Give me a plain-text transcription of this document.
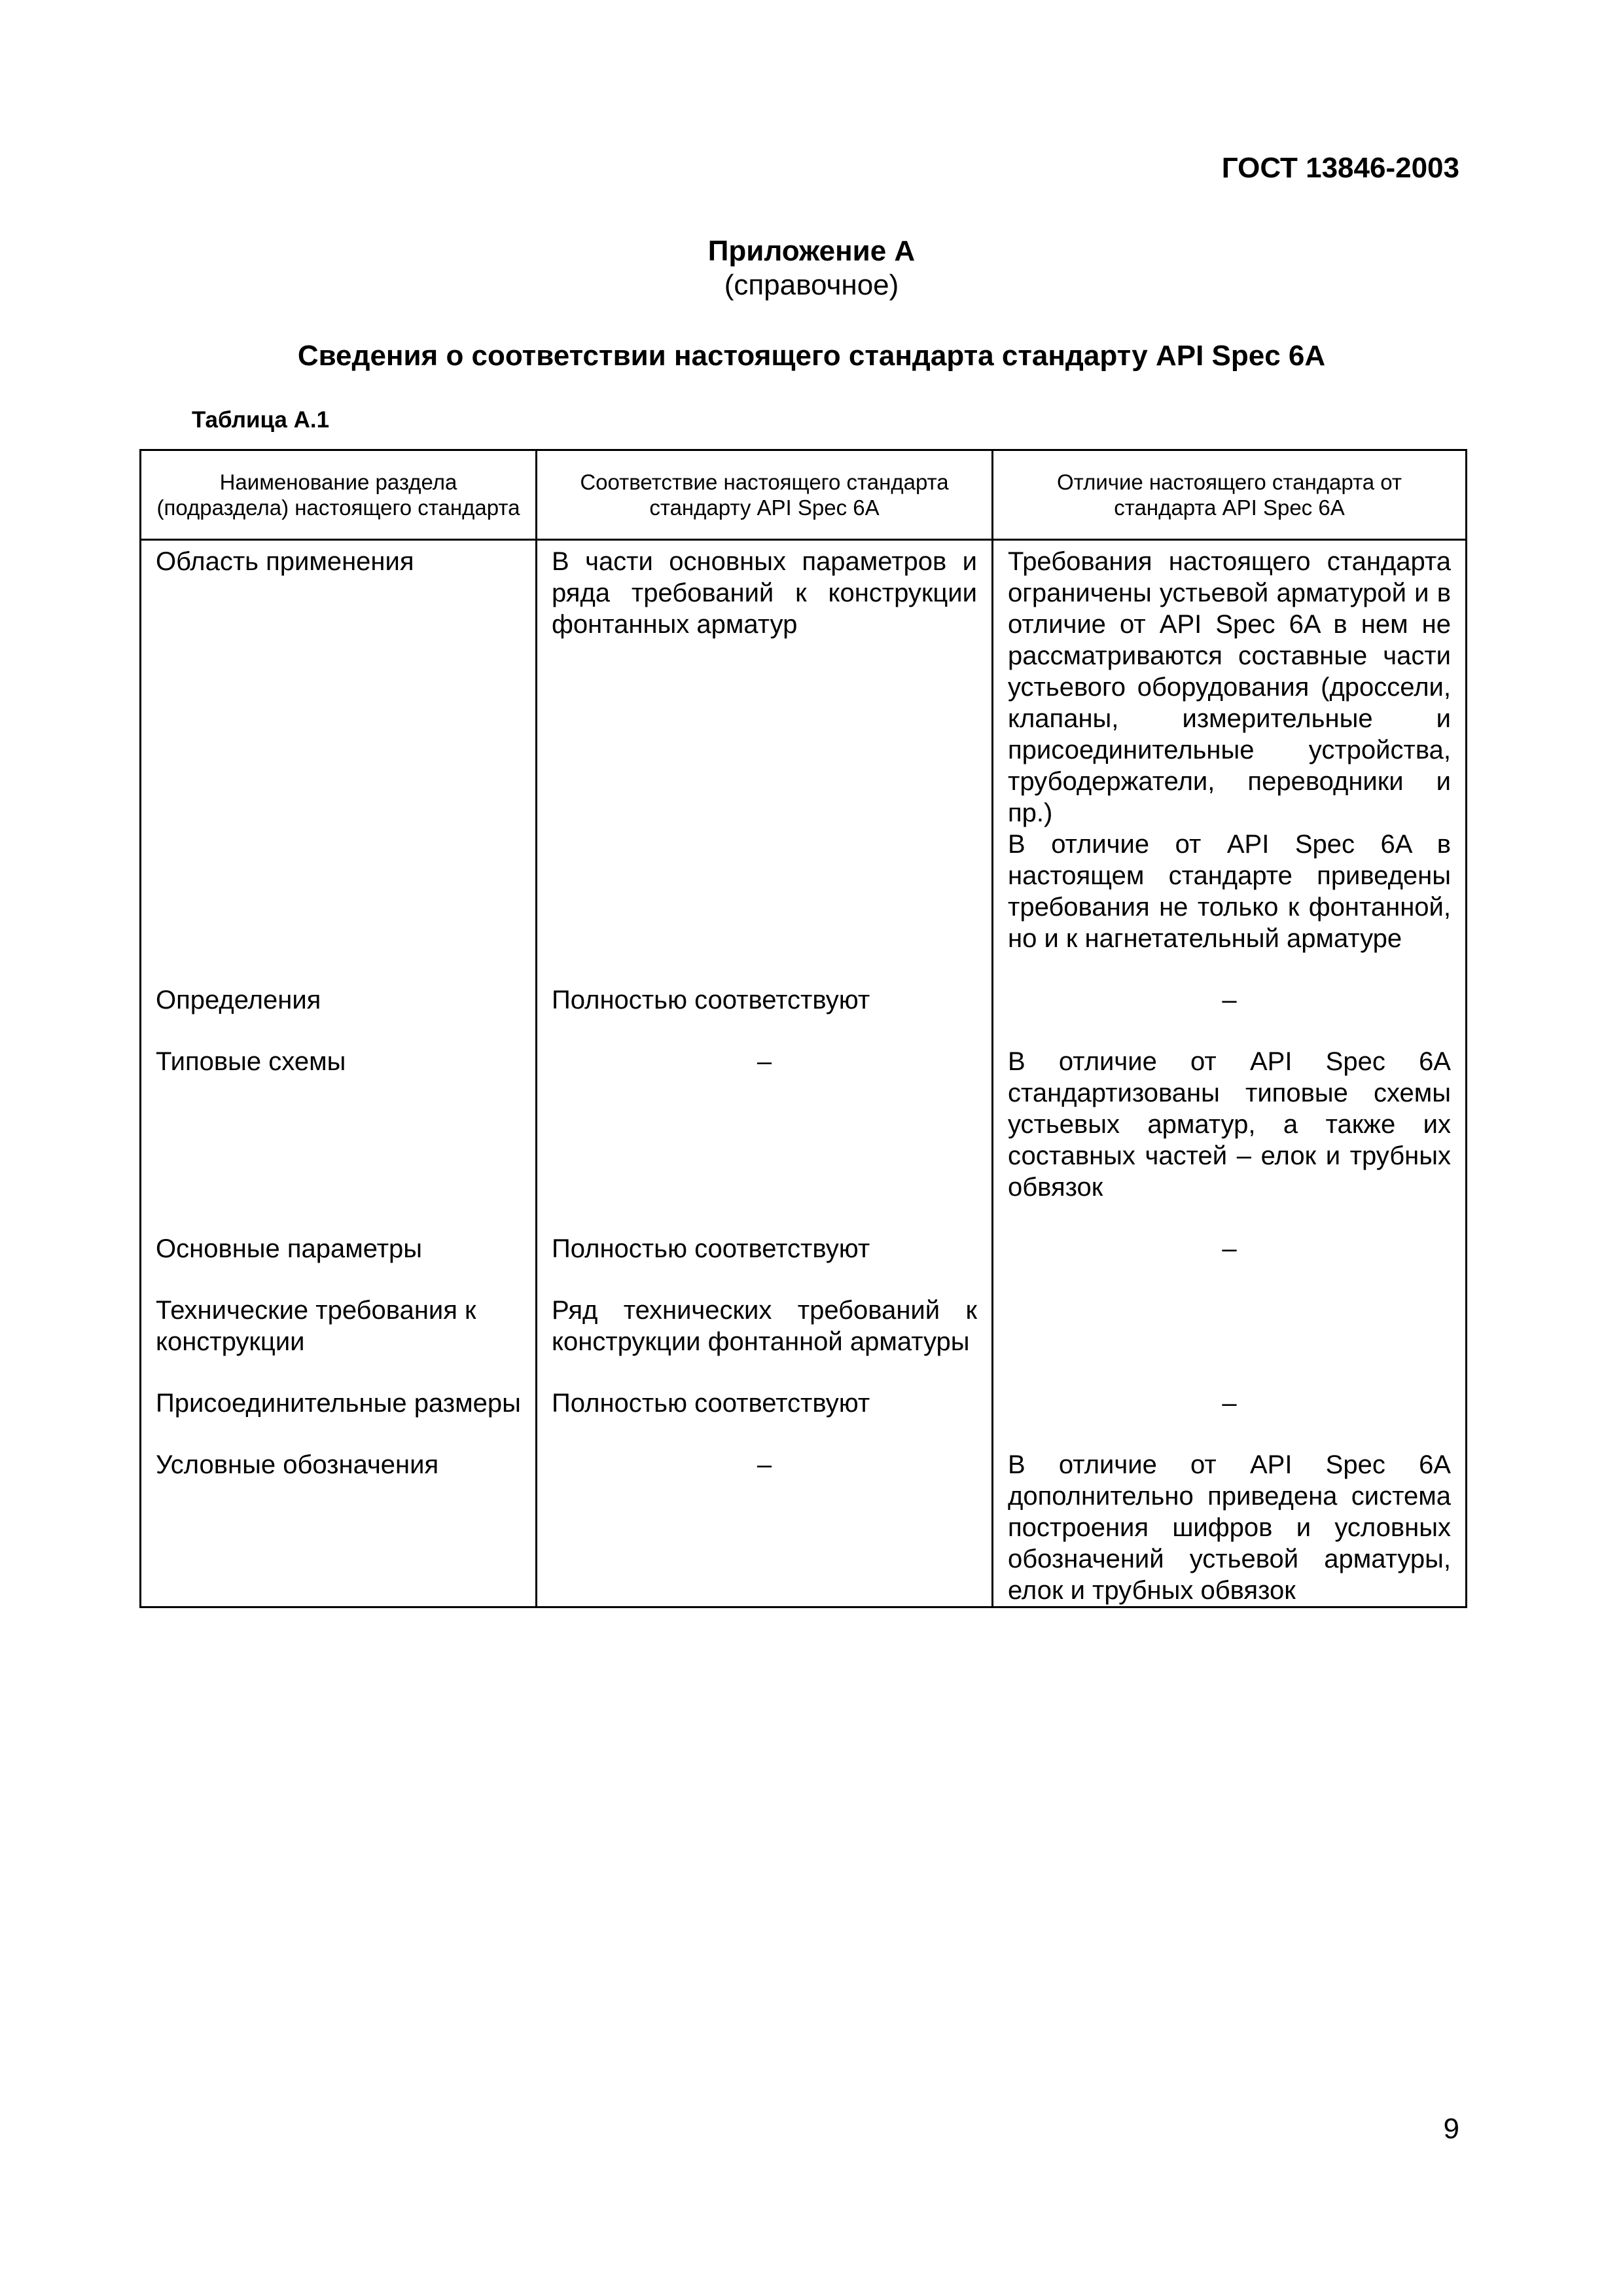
ГОСТ 13846-2003
Приложение А
(справочное)
Сведения о соответствии настоящего стандарта стандарту API Spec 6A
Таблица А.1
Наименование раздела (подраздела) настоящего стандарта	Соответствие настоящего стандарта стандарту API Spec 6A	Отличие настоящего стандарта от стандарта API Spec 6A
Область применения	В части основных параметров и ряда требований к конструкции фонтанных арматур	Требования настоящего стандарта ограничены устьевой арматурой и в отличие от API Spec 6A в нем не рассматриваются составные части устьевого оборудования (дроссели, клапаны, измерительные и присоединительные устройства, трубодержатели, переводники и пр.)
В отличие от API Spec 6A в настоящем стандарте приведены требования не только к фонтанной, но и к нагнетательный арматуре

Определения	Полностью соответствуют	–
Типовые схемы	–	В отличие от API Spec 6A стандартизованы типовые схемы устьевых арматур, а также их составных частей – елок и трубных обвязок
Основные параметры	Полностью соответствуют	–
Технические требования к конструкции	Ряд технических требований к конструкции фонтанной арматуры	
Присоединительные размеры	Полностью соответствуют	–
Условные обозначения	–	В отличие от API Spec 6A дополнительно приведена система построения шифров и условных обозначений устьевой арматуры, елок и трубных обвязок
9
